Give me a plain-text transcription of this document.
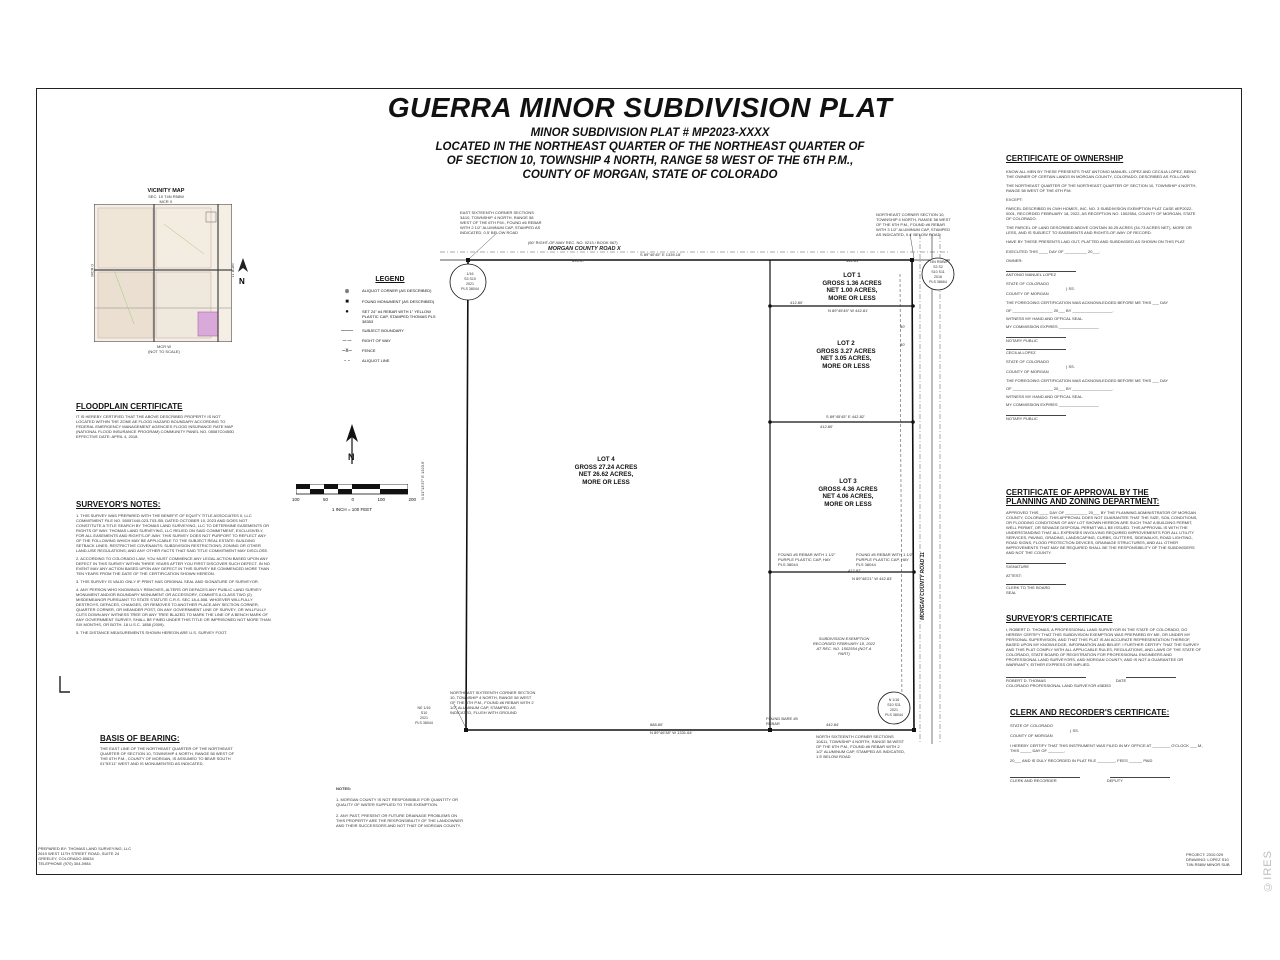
GUERRA MINOR SUBDIVISION PLAT
MINOR SUBDIVISION PLAT # MP2023-XXXX
LOCATED IN THE NORTHEAST QUARTER OF THE NORTHEAST QUARTER OF
OF SECTION 10, TOWNSHIP 4 NORTH, RANGE 58 WEST OF THE 6TH P.M.,
COUNTY OF MORGAN, STATE OF COLORADO
VICINITY MAP
SEC. 10 T4N R58W
MCR X
MCR 0	MCR 11
MCR W
(NOT TO SCALE)
N
FLOODPLAIN CERTIFICATE
IT IS HEREBY CERTIFIED THAT THE ABOVE DESCRIBED PROPERTY IS NOT LOCATED WITHIN THE ZONE AE FLOOD HAZARD BOUNDARY ACCORDING TO FEDERAL EMERGENCY MANAGEMENT AGENCIES FLOOD INSURANCE RATE MAP (NATIONAL FLOOD INSURANCE PROGRAM) COMMUNITY PANEL NO. 08087C0450D EFFECTIVE DATE: APRIL 4, 2018.
SURVEYOR'S NOTES:
1. THIS SURVEY WAS PREPARED WITH THE BENEFIT OF EQUITY TITLE ASSOCIATES II, LLC COMMITMENT FILE NO. 55057440-023-T03-SB, DATED OCTOBER 10, 2023 AND DOES NOT CONSTITUTE A TITLE SEARCH BY THOMAS LAND SURVEYING, LLC TO DETERMINE EASEMENTS OR RIGHTS OF WAY. THOMAS LAND SURVEYING, LLC RELIED ON SAID COMMITMENT, EXCLUSIVELY, FOR ALL EASEMENTS AND RIGHTS-OF-WAY. THIS SURVEY DOES NOT PURPORT TO REFLECT ANY OF THE FOLLOWING WHICH MAY BE APPLICABLE TO THE SUBJECT REAL ESTATE: BUILDING SETBACK LINES; RESTRICTIVE COVENANTS; SUBDIVISION RESTRICTIONS; ZONING OR OTHER LAND-USE REGULATIONS; AND ANY OTHER FACTS THAT SAID TITLE COMMITMENT MAY DISCLOSE.
2. ACCORDING TO COLORADO LAW, YOU MUST COMMENCE ANY LEGAL ACTION BASED UPON ANY DEFECT IN THIS SURVEY WITHIN THREE YEARS AFTER YOU FIRST DISCOVER SUCH DEFECT. IN NO EVENT MAY ANY ACTION BASED UPON ANY DEFECT IN THIS SURVEY BE COMMENCED MORE THAN TEN YEARS FROM THE DATE OF THE CERTIFICATION SHOWN HEREON.
3. THIS SURVEY IS VALID ONLY IF PRINT HAS ORIGINAL SEAL AND SIGNATURE OF SURVEYOR.
4. ANY PERSON WHO KNOWINGLY REMOVES, ALTERS OR DEFACES ANY PUBLIC LAND SURVEY MONUMENT AND/OR BOUNDARY MONUMENT OR ACCESSORY, COMMITS A CLASS TWO (2) MISDEMEANOR PURSUANT TO STATE STATUTE C.R.S. SEC 18-4-508. WHOEVER WILLFULLY DESTROYS, DEFACES, CHANGES, OR REMOVES TO ANOTHER PLACE ANY SECTION CORNER, QUARTER CORNER, OR MEANDER POST, ON ANY GOVERNMENT LINE OF SURVEY, OR WILLFULLY CUTS DOWN ANY WITNESS TREE OR ANY TREE BLAZED TO MARK THE LINE OF A BENCH MARK OF ANY GOVERNMENT SURVEY, SHALL BE FINED UNDER THIS TITLE OR IMPRISONED NOT MORE THAN SIX MONTHS, OR BOTH. 18 U.S.C. 1858 (2009).
5. THE DISTANCE MEASUREMENTS SHOWN HEREON ARE U.S. SURVEY FOOT.
BASIS OF BEARING:
THE EAST LINE OF THE NORTHEAST QUARTER OF THE NORTHEAST QUARTER OF SECTION 10, TOWNSHIP 4 NORTH, RANGE 58 WEST OF THE 6TH P.M., COUNTY OF MORGAN, IS ASSUMED TO BEAR SOUTH 01°53'11" WEST AND IS MONUMENTED AS INDICATED.
PREPARED BY: THOMAS LAND SURVEYING, LLC
2619 WEST 11TH STREET ROAD, SUITE 24
GREELEY, COLORADO 80634
TELEPHONE (970) 304-0984
PROJECT: 2310.029
DRAWING: LOPEZ S10
T4N R58W MINOR SUB
LEGEND
⊗	ALIQUOT CORNER (AS DESCRIBED)
■	FOUND MONUMENT (AS DESCRIBED)
●	SET 24" #4 REBAR WITH 1" YELLOW PLASTIC CAP, STAMPED THOMAS PLS 38353
——	SUBJECT BOUNDARY
–·–	RIGHT OF WAY
–x–	FENCE
- -	ALIQUOT LINE
N
100	50	0	100	200
1 INCH = 100 FEET
MORGAN COUNTY ROAD X
(60' RIGHT-OF-WAY REC. NO. 0213 / BOOK 567)
S 89°40'45" E 1339.18'
896.37'	442.81'
N 89°46'38" W 1331.64'
888.80'	442.84'
N 01°13'37" E 1323.6'
MORGAN COUNTY ROAD 11
LOT 1
GROSS 1.36 ACRES
NET 1.00 ACRES,
MORE OR LESS
LOT 2
GROSS 3.27 ACRES
NET 3.05 ACRES,
MORE OR LESS
LOT 3
GROSS 4.36 ACRES
NET 4.06 ACRES,
MORE OR LESS
LOT 4
GROSS 27.24 ACRES
NET 26.62 ACRES,
MORE OR LESS
N 89°45'45" W 442.81'
412.80'
S 89°45'45" E 442.82'
412.80'
412.82'
N 89°48'21" W 442.83'
30'
30'
EAST SIXTEENTH CORNER SECTIONS 3&10, TOWNSHIP 4 NORTH, RANGE 58 WEST OF THE 6TH P.M., FOUND #6 REBAR WITH 2 1/2" ALUMINUM CAP, STAMPED AS INDICATED, 0.5' BELOW ROAD
NORTHEAST CORNER SECTION 10, TOWNSHIP 4 NORTH, RANGE 58 WEST OF THE 6TH P.M., FOUND #6 REBAR WITH 3 1/2" ALUMINUM CAP, STAMPED AS INDICATED, 0.4' BELOW ROAD
NORTHEAST SIXTEENTH CORNER SECTION 10, TOWNSHIP 4 NORTH, RANGE 58 WEST OF THE 6TH P.M., FOUND #6 REBAR WITH 2 1/2" ALUMINUM CAP, STAMPED AS INDICATED, FLUSH WITH GROUND
NORTH SIXTEENTH CORNER SECTIONS 10&11, TOWNSHIP 4 NORTH, RANGE 58 WEST OF THE 6TH P.M., FOUND #6 REBAR WITH 2 1/2" ALUMINUM CAP, STAMPED AS INDICATED, 1.5' BELOW ROAD
FOUND #5 REBAR WITH 1 1/2" PURPLE PLASTIC CAP, HAY PLS 38044
FOUND #5 REBAR WITH 1 1/2" PURPLE PLASTIC CAP, HAY PLS 38044
FOUND BARE #5 REBAR
SUBDIVISION EXEMPTION RECORDED FEBRUARY 18, 2022 AT REC. NO. 1502554 (NOT A PART)
1/16
S3 S10
2021
PLS 38044
T4N R58W
S3 S2
S10 S11
2016
PLS 38664
NE 1/16
S10
2021
PLS 38044
N 1/16
S10 S11
2021
PLS 38044
NOTES:
1. MORGAN COUNTY IS NOT RESPONSIBLE FOR QUANTITY OR QUALITY OF WATER SUPPLIED TO THIS EXEMPTION.
2. ANY PAST, PRESENT OR FUTURE DRAINAGE PROBLEMS ON THIS PROPERTY ARE THE RESPONSIBILITY OF THE LANDOWNER AND THEIR SUCCESSORS AND NOT THAT OF MORGAN COUNTY.
CERTIFICATE OF OWNERSHIP
KNOW ALL MEN BY THESE PRESENTS THAT ANTONIO MANUEL LOPEZ AND CECILIA LOPEZ, BEING THE OWNER OF CERTAIN LANDS IN MORGAN COUNTY, COLORADO, DESCRIBED AS FOLLOWS:
THE NORTHEAST QUARTER OF THE NORTHEAST QUARTER OF SECTION 10, TOWNSHIP 4 NORTH, RANGE 58 WEST OF THE 6TH P.M.
EXCEPT:
PARCEL DESCRIBED IN CWH HOMES, INC. NO. 3 SUBDIVISION EXEMPTION PLAT CASE #EP2022-0001, RECORDED FEBRUARY 18, 2022, AS RECEPTION NO. 1502554, COUNTY OF MORGAN, STATE OF COLORADO.
THE PARCEL OF LAND DESCRIBED ABOVE CONTAIN 36.25 ACRES (34.73 ACRES NET), MORE OR LESS, AND IS SUBJECT TO EASEMENTS AND RIGHTS-OF-WAY OF RECORD.
HAVE BY THESE PRESENTS LAID OUT, PLATTED AND SUBDIVIDED AS SHOWN ON THIS PLAT.
EXECUTED THIS ____ DAY OF __________ 20___.
OWNER:
ANTONIO MANUEL LOPEZ
STATE OF COLORADO
) SS.
COUNTY OF MORGAN
THE FOREGOING CERTIFICATION WAS ACKNOWLEDGED BEFORE ME THIS ___ DAY
OF __________________ 20___ BY __________________.
WITNESS MY HAND AND OFFICAL SEAL.
MY COMMISSION EXPIRES __________________
NOTARY PUBLIC
CECILIA LOPEZ
STATE OF COLORADO
) SS.
COUNTY OF MORGAN
THE FOREGOING CERTIFICATION WAS ACKNOWLEDGED BEFORE ME THIS ___ DAY
OF __________________ 20___ BY __________________.
WITNESS MY HAND AND OFFICAL SEAL.
MY COMMISSION EXPIRES __________________
NOTARY PUBLIC
CERTIFICATE OF APPROVAL BY THE
PLANNING AND ZONING DEPARTMENT:
APPROVED THIS ____ DAY OF __________ 20___ BY THE PLANNING ADMINISTRATOR OF MORGAN COUNTY, COLORADO. THIS APPROVAL DOES NOT GUARANTEE THAT THE SIZE, SOIL CONDITIONS, OR FLOODING CONDITIONS OF ANY LOT SHOWN HEREON ARE SUCH THAT A BUILDING PERMIT, WELL PERMIT, OR SEWAGE DISPOSAL PERMIT WILL BE ISSUED. THIS APPROVAL IS WITH THE UNDERSTANDING THAT ALL EXPENSES INVOLVING REQUIRED IMPROVEMENTS FOR ALL UTILITY SERVICES, PAVING, GRADING, LANDSCAPING, CURBS, GUTTERS, SIDEWALKS, ROAD LIGHTING, ROAD SIGNS, FLOOD PROTECTION DEVICES, DRAINAGE STRUCTURES, AND ALL OTHER IMPROVEMENTS THAT MAY BE REQUIRED SHALL BE THE RESPONSIBILITY OF THE SUBDIVIDERS AND NOT THE COUNTY.
SIGNATURE
ATTEST:
CLERK TO THE BOARD
SEAL
SURVEYOR'S CERTIFICATE
I, ROBERT D. THOMAS, A PROFESSIONAL LAND SURVEYOR IN THE STATE OF COLORADO, DO HEREBY CERTIFY THAT THIS SUBDIVISION EXEMPTION WAS PREPARED BY ME, OR UNDER MY PERSONAL SUPERVISION, AND THAT THIS PLAT IS AN ACCURATE REPRESENTATION THEREOF, BASED UPON MY KNOWLEDGE, INFORMATION AND BELIEF. I FURTHER CERTIFY THAT THE SURVEY AND THIS PLAT COMPLY WITH ALL APPLICABLE RULES, REGULATIONS, AND LAWS OF THE STATE OF COLORADO, STATE BOARD OF REGISTRATION FOR PROFESSIONAL ENGINEERS AND PROFESSIONAL LAND SURVEYORS, AND MORGAN COUNTY, AND IS NOT A GUARANTEE OR WARRANTY, EITHER EXPRESS OR IMPLIED.
ROBERT D. THOMAS	DATE
COLORADO PROFESSIONAL LAND SURVEYOR #38353
CLERK AND RECORDER'S CERTIFICATE:
STATE OF COLORADO
) SS.
COUNTY OF MORGAN
I HEREBY CERTIFY THAT THIS INSTRUMENT WAS FILED IN MY OFFICE AT ________ O'CLOCK ___.M., THIS _____ DAY OF _______,
20___ AND IS DULY RECORDED IN PLAT FILE ________, FEES ______ PAID
CLERK AND RECORDER	DEPUTY
©IRES
